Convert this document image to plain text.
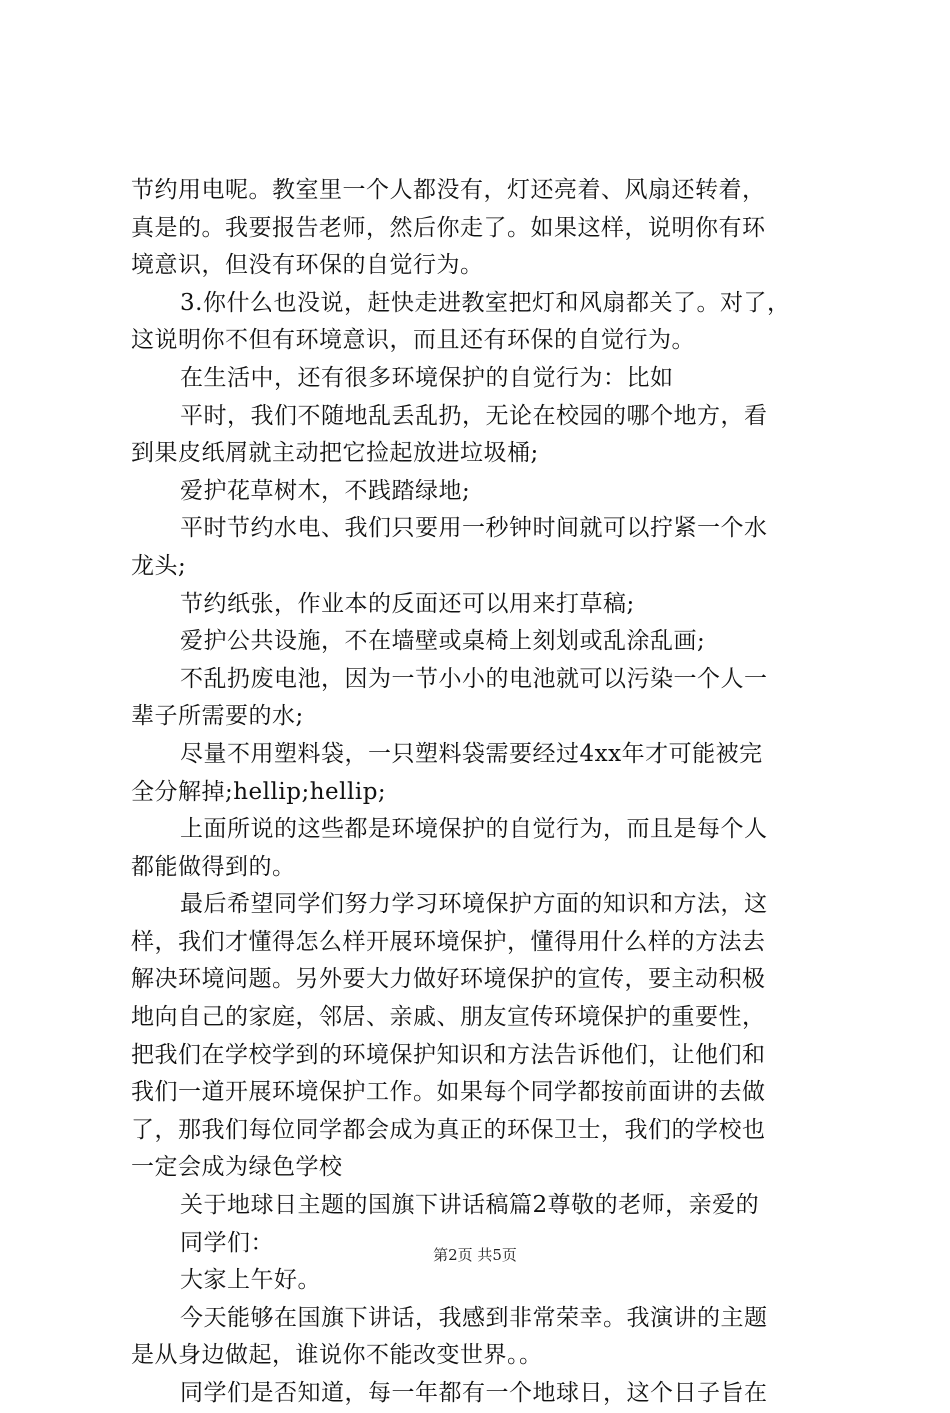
节约用电呢。教室里一个人都没有，灯还亮着、风扇还转着，
真是的。我要报告老师，然后你走了。如果这样，说明你有环
境意识，但没有环保的自觉行为。
3.你什么也没说，赶快走进教室把灯和风扇都关了。对了，
这说明你不但有环境意识，而且还有环保的自觉行为。
在生活中，还有很多环境保护的自觉行为：比如
平时，我们不随地乱丢乱扔，无论在校园的哪个地方，看
到果皮纸屑就主动把它捡起放进垃圾桶;
爱护花草树木，不践踏绿地;
平时节约水电、我们只要用一秒钟时间就可以拧紧一个水
龙头;
节约纸张，作业本的反面还可以用来打草稿;
爱护公共设施，不在墙壁或桌椅上刻划或乱涂乱画;
不乱扔废电池，因为一节小小的电池就可以污染一个人一
辈子所需要的水;
尽量不用塑料袋，一只塑料袋需要经过4xx年才可能被完
全分解掉;hellip;hellip;
上面所说的这些都是环境保护的自觉行为，而且是每个人
都能做得到的。
最后希望同学们努力学习环境保护方面的知识和方法，这
样，我们才懂得怎么样开展环境保护，懂得用什么样的方法去
解决环境问题。另外要大力做好环境保护的宣传，要主动积极
地向自己的家庭，邻居、亲戚、朋友宣传环境保护的重要性，
把我们在学校学到的环境保护知识和方法告诉他们，让他们和
我们一道开展环境保护工作。如果每个同学都按前面讲的去做
了，那我们每位同学都会成为真正的环保卫士，我们的学校也
一定会成为绿色学校
关于地球日主题的国旗下讲话稿篇2尊敬的老师，亲爱的
同学们：
大家上午好。
今天能够在国旗下讲话，我感到非常荣幸。我演讲的主题
是从身边做起，谁说你不能改变世界。。
同学们是否知道，每一年都有一个地球日，这个日子旨在
第2页 共5页
